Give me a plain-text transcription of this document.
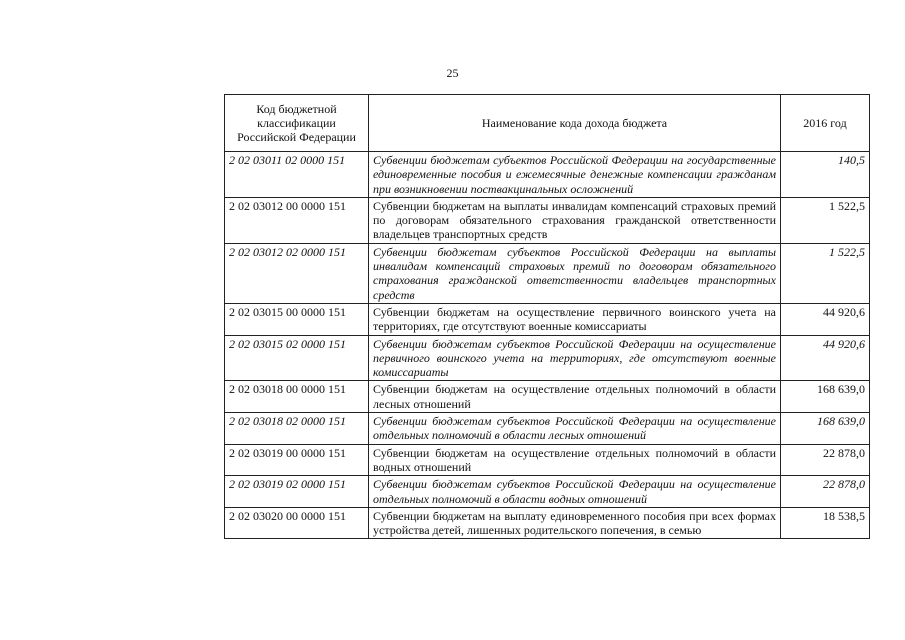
25
Код бюджетной классификации Российской Федерации	Наименование кода дохода бюджета	2016 год
2 02 03011 02 0000 151	Субвенции бюджетам субъектов Российской Федерации на государственные единовременные пособия и ежемесячные денежные компенсации гражданам при возникновении поствакцинальных осложнений	140,5
2 02 03012 00 0000 151	Субвенции бюджетам на выплаты инвалидам компенсаций страховых премий по договорам обязательного страхования гражданской ответственности владельцев транспортных средств	1 522,5
2 02 03012 02 0000 151	Субвенции бюджетам субъектов Российской Федерации на выплаты инвалидам компенсаций страховых премий по договорам обязательного страхования гражданской ответственности владельцев транспортных средств	1 522,5
2 02 03015 00 0000 151	Субвенции бюджетам на осуществление первичного воинского учета на территориях, где отсутствуют военные комиссариаты	44 920,6
2 02 03015 02 0000 151	Субвенции бюджетам субъектов Российской Федерации на осуществление первичного воинского учета на территориях, где отсутствуют военные комиссариаты	44 920,6
2 02 03018 00 0000 151	Субвенции бюджетам на осуществление отдельных полномочий в области лесных отношений	168 639,0
2 02 03018 02 0000 151	Субвенции бюджетам субъектов Российской Федерации на осуществление отдельных полномочий в области лесных отношений	168 639,0
2 02 03019 00 0000 151	Субвенции бюджетам на осуществление отдельных полномочий в области водных отношений	22 878,0
2 02 03019 02 0000 151	Субвенции бюджетам субъектов Российской Федерации на осуществление отдельных полномочий в области водных отношений	22 878,0
2 02 03020 00 0000 151	Субвенции бюджетам на выплату единовременного пособия при всех формах устройства детей, лишенных родительского попечения, в семью	18 538,5
